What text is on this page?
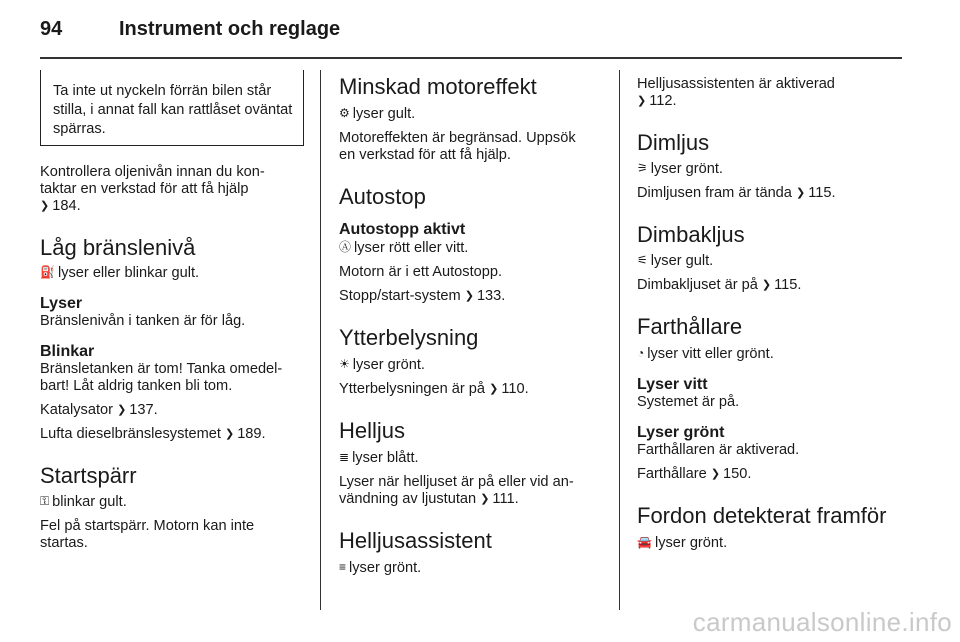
94	Instrument och reglage
Ta inte ut nyckeln förrän bilen står stilla, i annat fall kan rattlåset oväntat spärras.

Kontrollera oljenivån innan du kon-

taktar en verkstad för att få hjälp

❯ 184.

Låg bränslenivå

⛽ lyser eller blinkar gult.

Lyser

Bränslenivån i tanken är för låg.

Blinkar

Bränsletanken är tom! Tanka omedel-

bart! Låt aldrig tanken bli tom.

Katalysator ❯ 137.

Lufta dieselbränslesystemet ❯ 189.

Startspärr

⚿ blinkar gult.

Fel på startspärr. Motorn kan inte

startas.

Minskad motoreffekt

⚙ lyser gult.

Motoreffekten är begränsad. Uppsök

en verkstad för att få hjälp.

Autostop
Autostopp aktivt

Ⓐ lyser rött eller vitt.

Motorn är i ett Autostopp.

Stopp/start-system ❯ 133.

Ytterbelysning

☀ lyser grönt.

Ytterbelysningen är på ❯ 110.

Helljus

≣ lyser blått.

Lyser när helljuset är på eller vid an-

vändning av ljustutan ❯ 111.

Helljusassistent

≡ lyser grönt.

Helljusassistenten är aktiverad

❯ 112.

Dimljus

⚞ lyser grönt.

Dimljusen fram är tända ❯ 115.

Dimbakljus

⚟ lyser gult.

Dimbakljuset är på ❯ 115.

Farthållare

◔ lyser vitt eller grönt.

Lyser vitt

Systemet är på.

Lyser grönt

Farthållaren är aktiverad.

Farthållare ❯ 150.

Fordon detekterat framför

🚘 lyser grönt.

carmanualsonline.info
